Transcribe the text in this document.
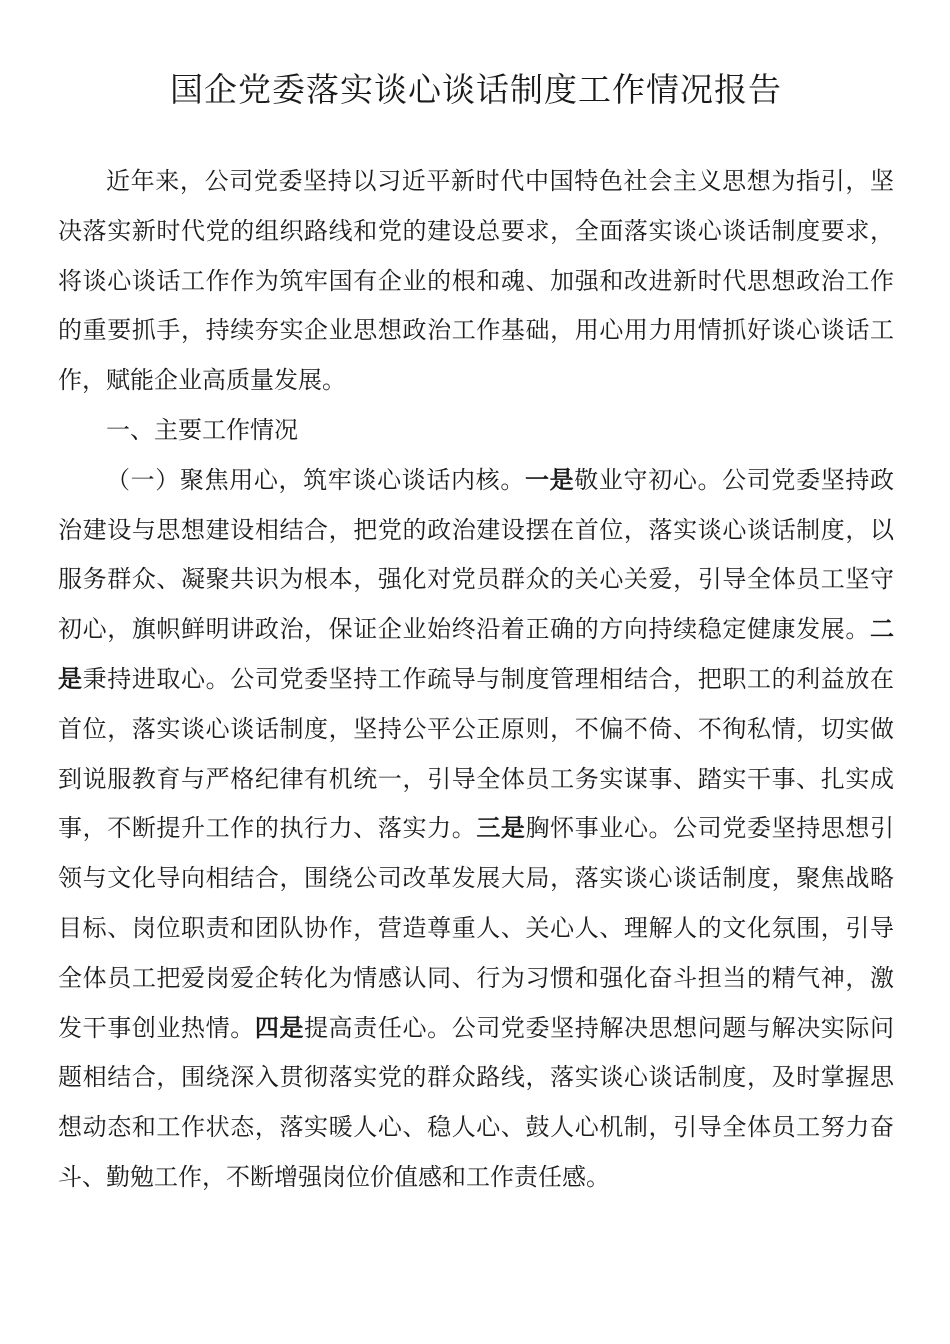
国企党委落实谈心谈话制度工作情况报告

近年来，公司党委坚持以习近平新时代中国特色社会主义思想为指引，坚决落实新时代党的组织路线和党的建设总要求，全面落实谈心谈话制度要求，将谈心谈话工作作为筑牢国有企业的根和魂、加强和改进新时代思想政治工作的重要抓手，持续夯实企业思想政治工作基础，用心用力用情抓好谈心谈话工作，赋能企业高质量发展。

一、主要工作情况

（一）聚焦用心，筑牢谈心谈话内核。一是敬业守初心。公司党委坚持政治建设与思想建设相结合，把党的政治建设摆在首位，落实谈心谈话制度，以服务群众、凝聚共识为根本，强化对党员群众的关心关爱，引导全体员工坚守初心，旗帜鲜明讲政治，保证企业始终沿着正确的方向持续稳定健康发展。二是秉持进取心。公司党委坚持工作疏导与制度管理相结合，把职工的利益放在首位，落实谈心谈话制度，坚持公平公正原则，不偏不倚、不徇私情，切实做到说服教育与严格纪律有机统一，引导全体员工务实谋事、踏实干事、扎实成事，不断提升工作的执行力、落实力。三是胸怀事业心。公司党委坚持思想引领与文化导向相结合，围绕公司改革发展大局，落实谈心谈话制度，聚焦战略目标、岗位职责和团队协作，营造尊重人、关心人、理解人的文化氛围，引导全体员工把爱岗爱企转化为情感认同、行为习惯和强化奋斗担当的精气神，激发干事创业热情。四是提高责任心。公司党委坚持解决思想问题与解决实际问题相结合，围绕深入贯彻落实党的群众路线，落实谈心谈话制度，及时掌握思想动态和工作状态，落实暖人心、稳人心、鼓人心机制，引导全体员工努力奋斗、勤勉工作，不断增强岗位价值感和工作责任感。
